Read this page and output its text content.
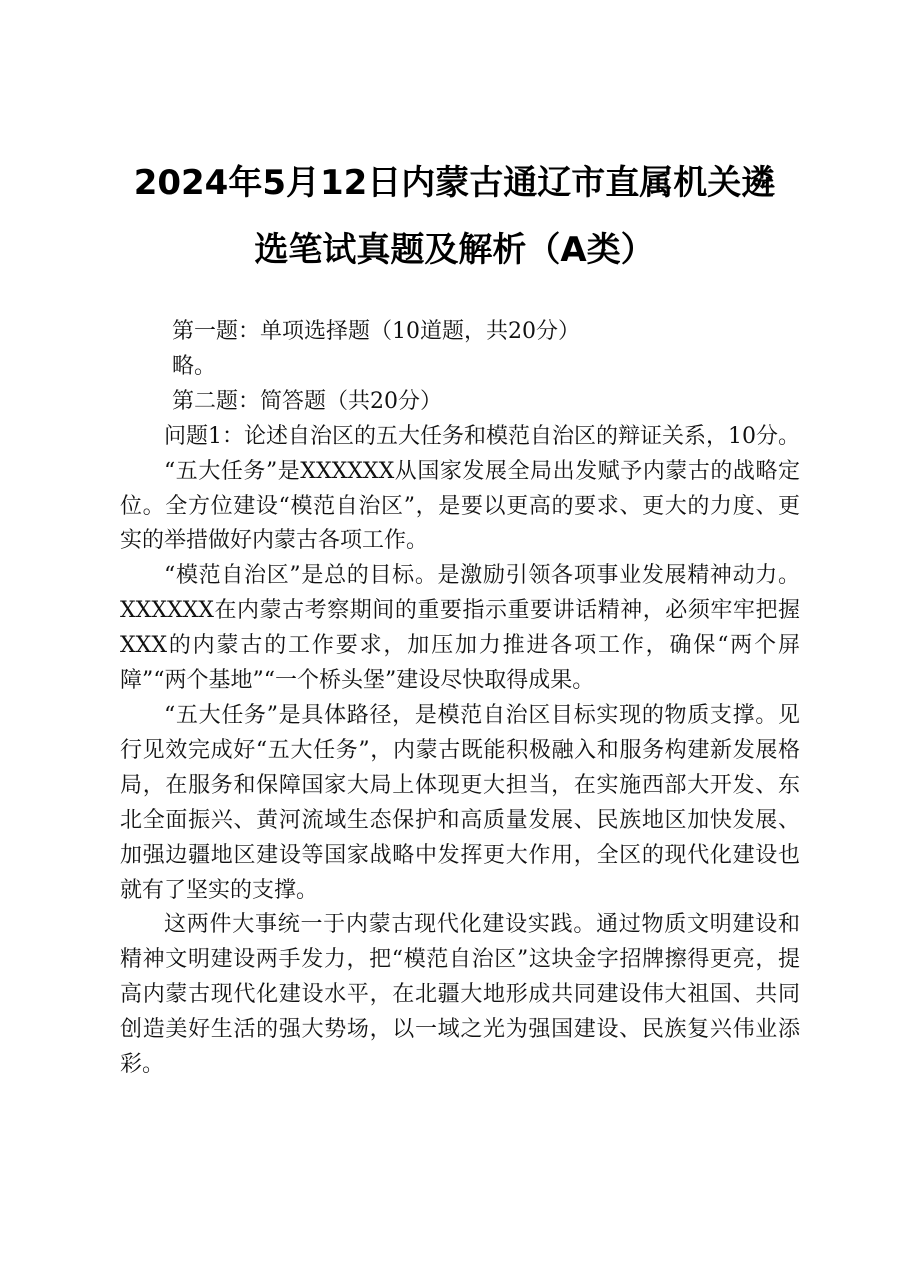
2024年5月12日内蒙古通辽市直属机关遴
选笔试真题及解析（A类）

第一题：单项选择题（10道题，共20分）

略。

第二题：简答题（共20分）

问题1：论述自治区的五大任务和模范自治区的辩证关系，10分。

“五大任务”是XXXXXX从国家发展全局出发赋予内蒙古的战略定位。全方位建设“模范自治区”，是要以更高的要求、更大的力度、更实的举措做好内蒙古各项工作。

“模范自治区”是总的目标。是激励引领各项事业发展精神动力。XXXXXX在内蒙古考察期间的重要指示重要讲话精神，必须牢牢把握XXX的内蒙古的工作要求，加压加力推进各项工作，确保“两个屏障”“两个基地”“一个桥头堡”建设尽快取得成果。

“五大任务”是具体路径，是模范自治区目标实现的物质支撑。见行见效完成好“五大任务”，内蒙古既能积极融入和服务构建新发展格局，在服务和保障国家大局上体现更大担当，在实施西部大开发、东北全面振兴、黄河流域生态保护和高质量发展、民族地区加快发展、加强边疆地区建设等国家战略中发挥更大作用，全区的现代化建设也就有了坚实的支撑。

这两件大事统一于内蒙古现代化建设实践。通过物质文明建设和精神文明建设两手发力，把“模范自治区”这块金字招牌擦得更亮，提高内蒙古现代化建设水平，在北疆大地形成共同建设伟大祖国、共同创造美好生活的强大势场，以一域之光为强国建设、民族复兴伟业添彩。
